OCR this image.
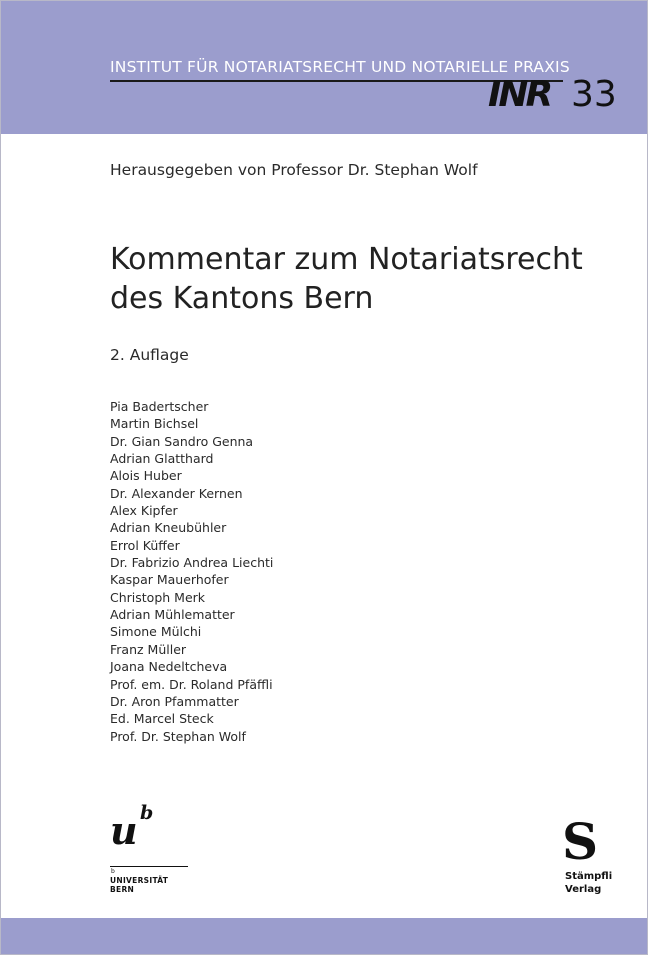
INSTITUT FÜR NOTARIATSRECHT UND NOTARIELLE PRAXIS
INR 33
Herausgegeben von Professor Dr. Stephan Wolf
Kommentar zum Notariatsrecht
des Kantons Bern
2. Auflage
Pia Badertscher
Martin Bichsel
Dr. Gian Sandro Genna
Adrian Glatthard
Alois Huber
Dr. Alexander Kernen
Alex Kipfer
Adrian Kneubühler
Errol Küffer
Dr. Fabrizio Andrea Liechti
Kaspar Mauerhofer
Christoph Merk
Adrian Mühlematter
Simone Mülchi
Franz Müller
Joana Nedeltcheva
Prof. em. Dr. Roland Pfäffli
Dr. Aron Pfammatter
Ed. Marcel Steck
Prof. Dr. Stephan Wolf
u b
b
UNIVERSITÄT
BERN
S
Stämpfli
Verlag
